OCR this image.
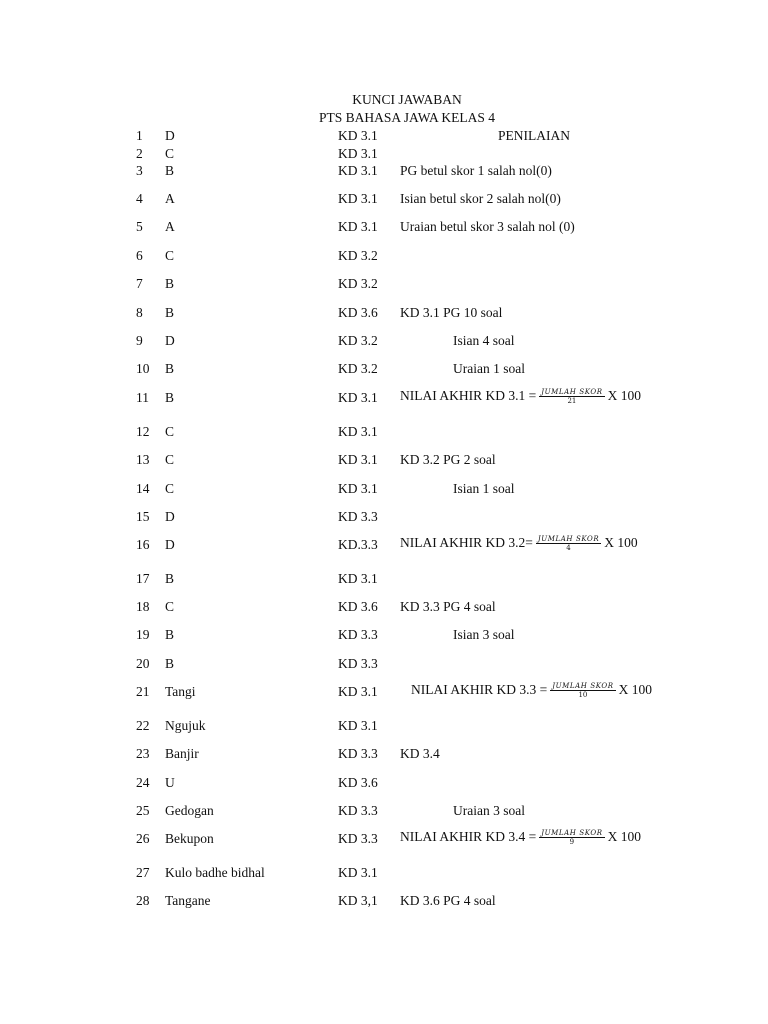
KUNCI JAWABAN
PTS BAHASA JAWA KELAS 4
PENILAIAN
1 D	KD 3.1
2 C	KD 3.1
3 B	KD 3.1
4 A	KD 3.1
5 A	KD 3.1
6 C	KD 3.2
7 B	KD 3.2
8 B	KD 3.6
9 D	KD 3.2
10 B	KD 3.2
11 B	KD 3.1
12 C	KD 3.1
13 C	KD 3.1
14 C	KD 3.1
15 D	KD 3.3
16 D	KD.3.3
17 B	KD 3.1
18 C	KD 3.6
19 B	KD 3.3
20 B	KD 3.3
21 Tangi	KD 3.1
22 Ngujuk	KD 3.1
23 Banjir	KD 3.3
24 U	KD 3.6
25 Gedogan	KD 3.3
26 Bekupon	KD 3.3
27 Kulo badhe bidhal	KD 3.1
28 Tangane	KD 3,1
PG betul skor 1 salah nol(0)
Isian betul skor 2 salah nol(0)
Uraian betul skor 3 salah nol (0)
KD 3.1 PG 10 soal
Isian 4 soal
Uraian 1 soal
NILAI AKHIR KD $3.1 = \frac{\text{JUMLAH SKOR}}{21}$ X 100
KD 3.2 PG 2 soal
Isian 1 soal
NILAI AKHIR KD $3.2= \frac{\text{JUMLAH SKOR}}{4}$ X 100
KD 3.3 PG 4 soal
Isian 3 soal
NILAI AKHIR KD $3.3 = \frac{\text{JUMLAH SKOR}}{10}$ X 100
KD 3.4
Uraian 3 soal
NILAI AKHIR KD $3.4 = \frac{\text{JUMLAH SKOR}}{9}$ X 100
KD 3.6 PG 4 soal
